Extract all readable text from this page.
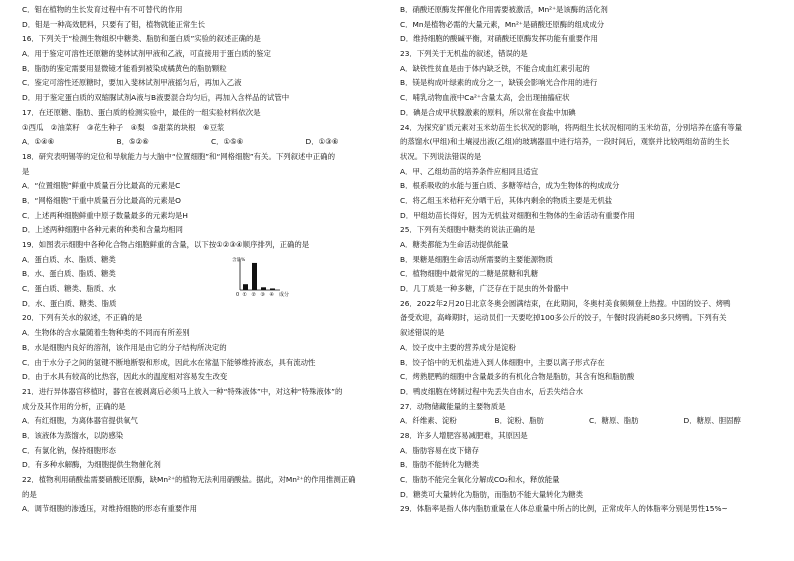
C．钼在植物的生长发育过程中有不可替代的作用
D．钼是一种高效肥料，只要有了钼，植物就能正常生长
16．下列关于“检测生物组织中糖类、脂肪和蛋白质”实验的叙述正确的是
A．用于鉴定可溶性还原糖的斐林试剂甲液和乙液，可直接用于蛋白质的鉴定
B．脂肪的鉴定需要用显微镜才能看到被染成橘黄色的脂肪颗粒
C．鉴定可溶性还原糖时，要加入斐林试剂甲液摇匀后，再加入乙液
D．用于鉴定蛋白质的双缩脲试剂A液与B液要混合均匀后，再加入含样品的试管中
17．在还原糖、脂肪、蛋白质的检测实验中，最佳的一组实验材料依次是
①西瓜　②油菜籽　③花生种子　④梨　⑤甜菜的块根　⑥豆浆
A．①④⑥	B．⑤②⑥	C．①⑤⑥	D．①③⑥
18．研究表明锡等的定位和导航能力与大脑中“位置细胞”和“网格细胞”有关。下列叙述中正确的
是
A．“位置细胞”鲜重中质量百分比最高的元素是C
B．“网格细胞”干重中质量百分比最高的元素是O
C．上述两种细胞鲜重中原子数量最多的元素均是H
D．上述两种细胞中各种元素的种类和含量均相同
19．如图表示细胞中各种化合物占细胞鲜重的含量，以下按①②③④顺序排列，正确的是
A．蛋白质、水、脂质、糖类
B．水、蛋白质、脂质、糖类
C．蛋白质、糖类、脂质、水
D．水、蛋白质、糖类、脂质
含量%
0	成分
① ② ③ ④
20．下列有关水的叙述，不正确的是
A．生物体的含水量随着生物种类的不同而有所差别
B．水是细胞内良好的溶剂，该作用是由它的分子结构所决定的
C．由于水分子之间的氢键不断地断裂和形成，因此水在常温下能够维持液态，具有流动性
D．由于水具有较高的比热容，因此水的温度相对容易发生改变
21．进行异体器官移植时，器官在被剥离后必须马上放入一种“特殊液体”中，对这种“特殊液体”的
成分及其作用的分析，正确的是
A．有红细胞，为离体器官提供氧气
B．该液体为蒸馏水，以防感染
C．有氯化钠，保持细胞形态
D．有多种水解酶，为细胞提供生物催化剂
22．植物利用硝酸盐需要硝酸还原酶，缺Mn²⁺的植物无法利用硝酸盐。据此，对Mn²⁺的作用推测正确
的是
A．调节细胞的渗透压，对维持细胞的形态有重要作用
B．硝酸还原酶发挥催化作用需要被激活，Mn²⁺是该酶的活化剂
C．Mn是植物必需的大量元素，Mn²⁺是硝酸还原酶的组成成分
D．维持细胞的酸碱平衡，对硝酸还原酶发挥功能有重要作用
23．下列关于无机盐的叙述，错误的是
A．缺铁性贫血是由于体内缺乏铁，不能合成血红素引起的
B．镁是构成叶绿素的成分之一，缺镁会影响光合作用的进行
C．哺乳动物血液中Ca²⁺含量太高，会出现抽搐症状
D．碘是合成甲状腺激素的原料，所以常在食盐中加碘
24．为探究矿质元素对玉米幼苗生长状况的影响，将两组生长状况相同的玉米幼苗，分别培养在盛有等量
的蒸馏水(甲组)和土壤浸出液(乙组)的玻璃器皿中进行培养，一段时间后，观察并比较两组幼苗的生长
状况。下列说法错误的是
A．甲、乙组幼苗的培养条件应相同且适宜
B．根系吸收的水能与蛋白质、多糖等结合，成为生物体的构成成分
C．将乙组玉米秸秆充分晒干后，其体内剩余的物质主要是无机盐
D．甲组幼苗长得好，因为无机盐对细胞和生物体的生命活动有重要作用
25．下列有关细胞中糖类的说法正确的是
A．糖类都能为生命活动提供能量
B．果糖是细胞生命活动所需要的主要能源物质
C．植物细胞中最常见的二糖是蔗糖和乳糖
D．几丁质是一种多糖，广泛存在于昆虫的外骨骼中
26．2022年2月20日北京冬奥会圆满结束，在此期间，冬奥村美食频频登上热搜。中国的饺子、烤鸭
备受欢迎，高峰期时，运动员们一天要吃掉100多公斤的饺子，午餐时段消耗80多只烤鸭。下列有关
叙述错误的是
A．饺子皮中主要的营养成分是淀粉
B．饺子馅中的无机盐进入到人体细胞中，主要以离子形式存在
C．烤熟肥鸭的细胞中含量最多的有机化合物是脂肪，其含有饱和脂肪酸
D．鸭皮细胞在烤制过程中先丢失自由水，后丢失结合水
27．动物储藏能量的主要物质是
A．纤维素、淀粉	B．淀粉、脂肪	C．糖原、脂肪	D．糖原、胆固醇
28．许多人增肥容易减肥难，其原因是
A．脂肪容易在皮下储存
B．脂肪不能转化为糖类
C．脂肪不能完全氧化分解成CO₂和水，释放能量
D．糖类可大量转化为脂肪，而脂肪不能大量转化为糖类
29．体脂率是指人体内脂肪重量在人体总重量中所占的比例，正常成年人的体脂率分别是男性15%~
